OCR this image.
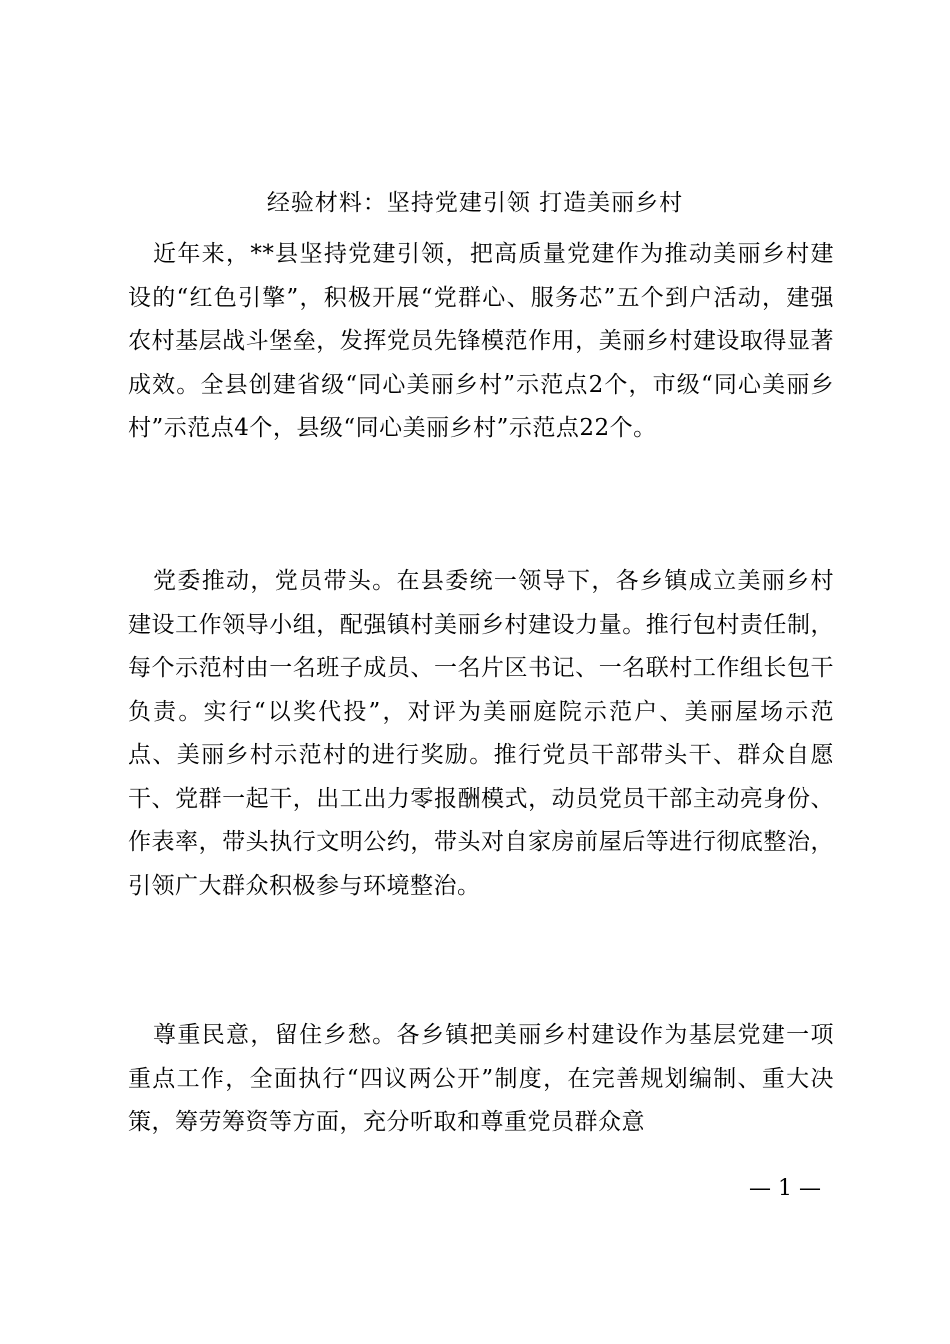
经验材料：坚持党建引领 打造美丽乡村

近年来，**县坚持党建引领，把高质量党建作为推动美丽乡村建设的“红色引擎”，积极开展“党群心、服务芯”五个到户活动，建强农村基层战斗堡垒，发挥党员先锋模范作用，美丽乡村建设取得显著成效。全县创建省级“同心美丽乡村”示范点2个，市级“同心美丽乡村”示范点4个，县级“同心美丽乡村”示范点22个。

党委推动，党员带头。在县委统一领导下，各乡镇成立美丽乡村建设工作领导小组，配强镇村美丽乡村建设力量。推行包村责任制，每个示范村由一名班子成员、一名片区书记、一名联村工作组长包干负责。实行“以奖代投”，对评为美丽庭院示范户、美丽屋场示范点、美丽乡村示范村的进行奖励。推行党员干部带头干、群众自愿干、党群一起干，出工出力零报酬模式，动员党员干部主动亮身份、作表率，带头执行文明公约，带头对自家房前屋后等进行彻底整治，引领广大群众积极参与环境整治。

尊重民意，留住乡愁。各乡镇把美丽乡村建设作为基层党建一项重点工作，全面执行“四议两公开”制度，在完善规划编制、重大决策，筹劳筹资等方面，充分听取和尊重党员群众意

— 1 —
